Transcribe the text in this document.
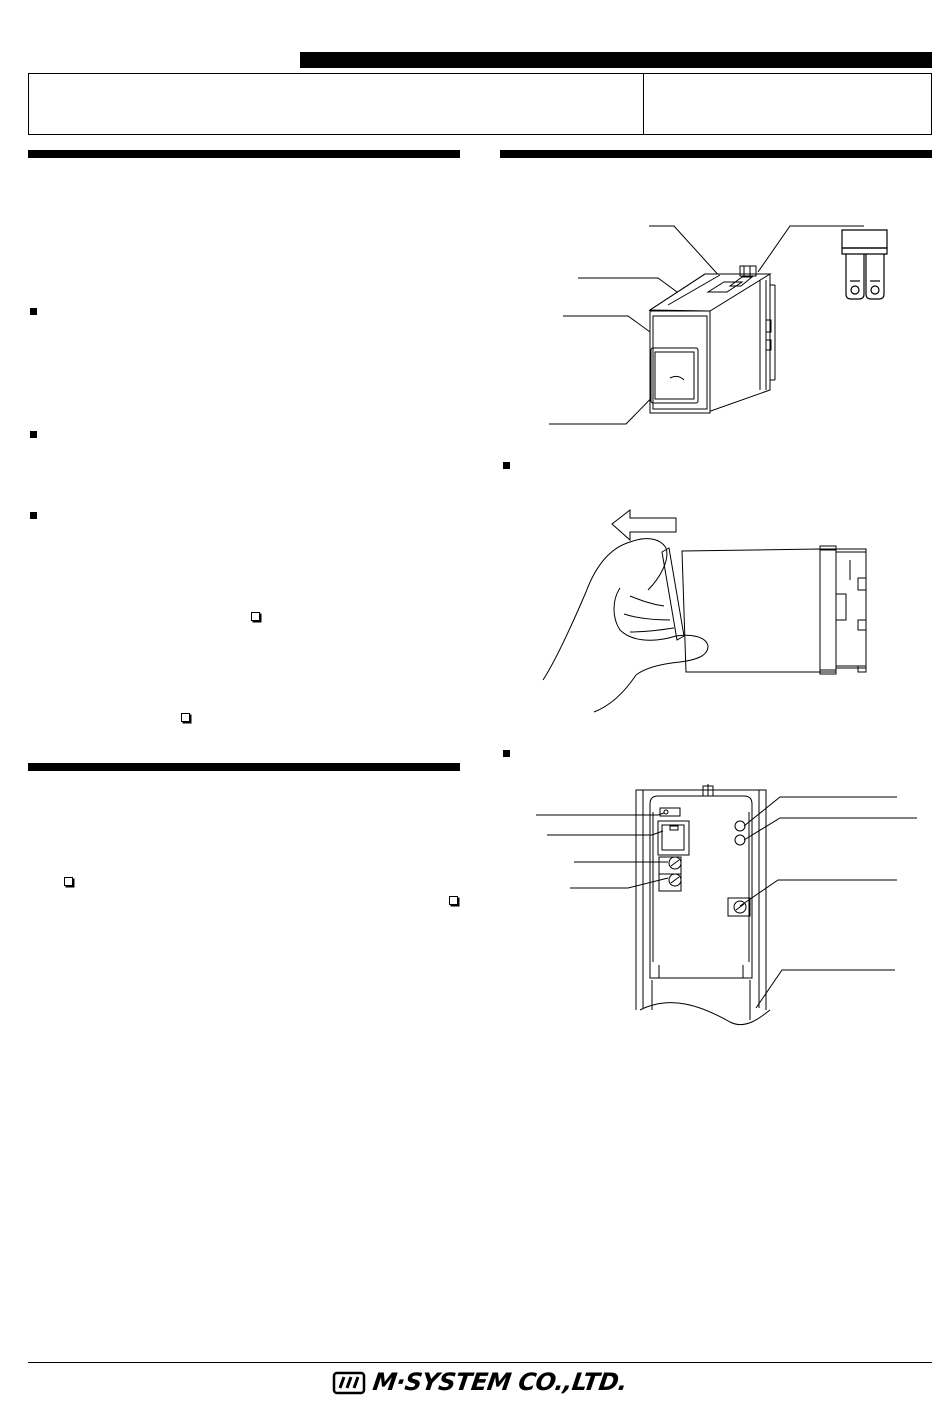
M·SYSTEM CO.,LTD.
